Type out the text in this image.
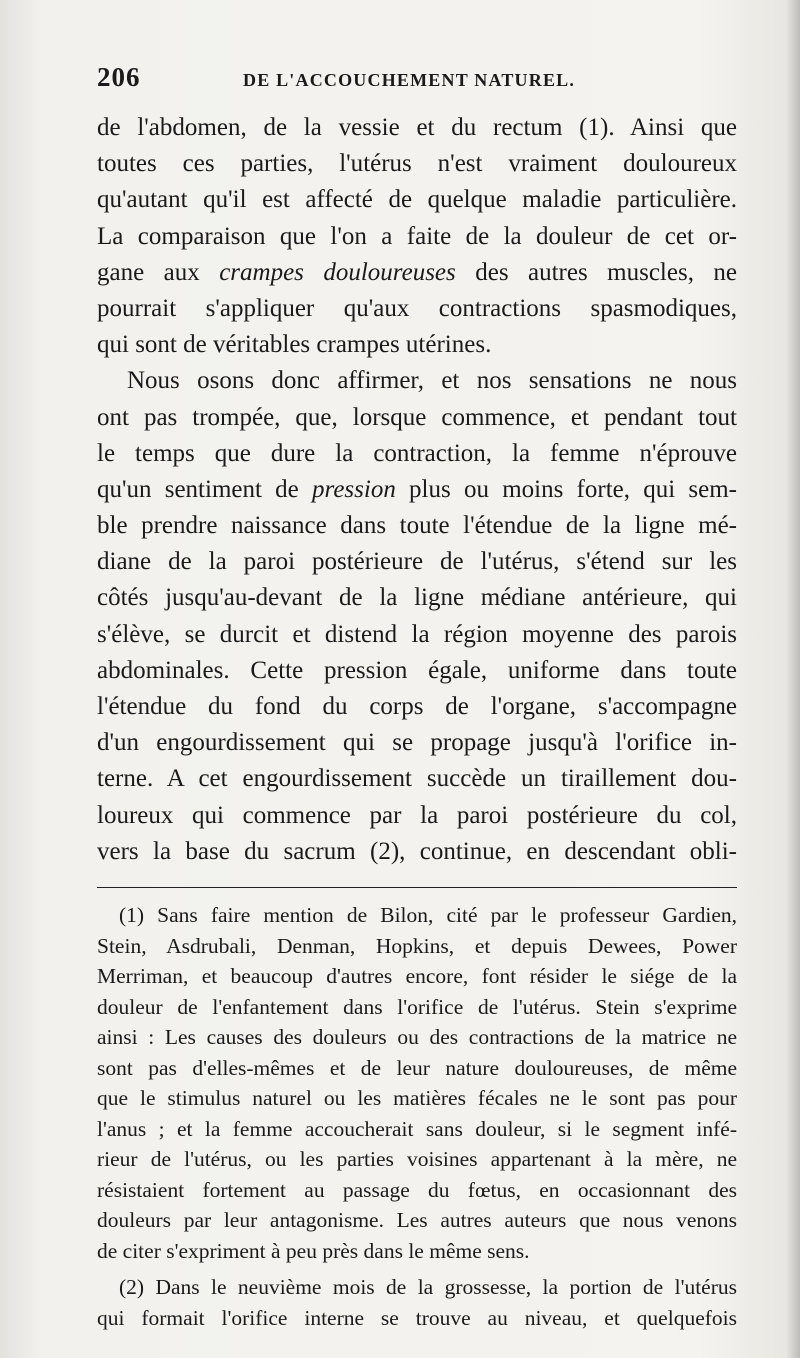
206	DE L'ACCOUCHEMENT NATUREL.
de l'abdomen, de la vessie et du rectum (1). Ainsi que
toutes ces parties, l'utérus n'est vraiment douloureux
qu'autant qu'il est affecté de quelque maladie particulière.
La comparaison que l'on a faite de la douleur de cet or-
gane aux crampes douloureuses des autres muscles, ne
pourrait s'appliquer qu'aux contractions spasmodiques,
qui sont de véritables crampes utérines.
Nous osons donc affirmer, et nos sensations ne nous
ont pas trompée, que, lorsque commence, et pendant tout
le temps que dure la contraction, la femme n'éprouve
qu'un sentiment de pression plus ou moins forte, qui sem-
ble prendre naissance dans toute l'étendue de la ligne mé-
diane de la paroi postérieure de l'utérus, s'étend sur les
côtés jusqu'au-devant de la ligne médiane antérieure, qui
s'élève, se durcit et distend la région moyenne des parois
abdominales. Cette pression égale, uniforme dans toute
l'étendue du fond du corps de l'organe, s'accompagne
d'un engourdissement qui se propage jusqu'à l'orifice in-
terne. A cet engourdissement succède un tiraillement dou-
loureux qui commence par la paroi postérieure du col,
vers la base du sacrum (2), continue, en descendant obli-
(1) Sans faire mention de Bilon, cité par le professeur Gardien,
Stein, Asdrubali, Denman, Hopkins, et depuis Dewees, Power
Merriman, et beaucoup d'autres encore, font résider le siége de la
douleur de l'enfantement dans l'orifice de l'utérus. Stein s'exprime
ainsi : Les causes des douleurs ou des contractions de la matrice ne
sont pas d'elles-mêmes et de leur nature douloureuses, de même
que le stimulus naturel ou les matières fécales ne le sont pas pour
l'anus ; et la femme accoucherait sans douleur, si le segment infé-
rieur de l'utérus, ou les parties voisines appartenant à la mère, ne
résistaient fortement au passage du fœtus, en occasionnant des
douleurs par leur antagonisme. Les autres auteurs que nous venons
de citer s'expriment à peu près dans le même sens.
(2) Dans le neuvième mois de la grossesse, la portion de l'utérus
qui formait l'orifice interne se trouve au niveau, et quelquefois
